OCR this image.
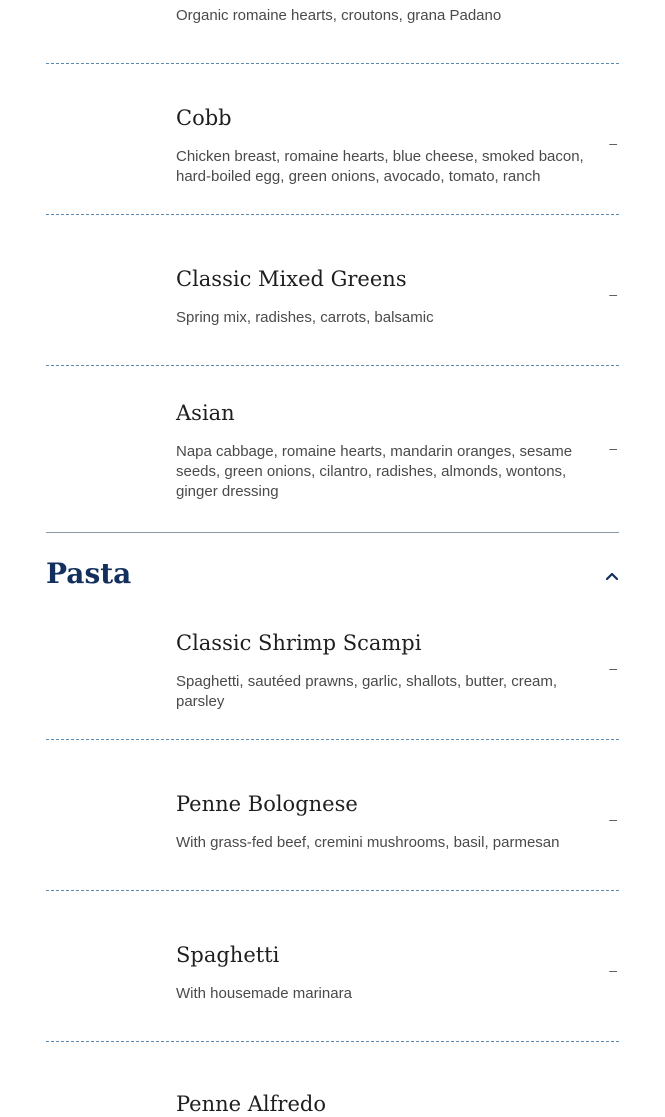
Organic romaine hearts, croutons, grana Padano

Cobb

Chicken breast, romaine hearts, blue cheese, smoked bacon, hard-boiled egg, green onions, avocado, tomato, ranch

–
Classic Mixed Greens

Spring mix, radishes, carrots, balsamic

–
Asian

Napa cabbage, romaine hearts, mandarin oranges, sesame seeds, green onions, cilantro, radishes, almonds, wontons, ginger dressing

–
Pasta
Classic Shrimp Scampi

Spaghetti, sautéed prawns, garlic, shallots, butter, cream, parsley

–
Penne Bolognese

With grass-fed beef, cremini mushrooms, basil, parmesan

–
Spaghetti

With housemade marinara

–
Penne Alfredo
